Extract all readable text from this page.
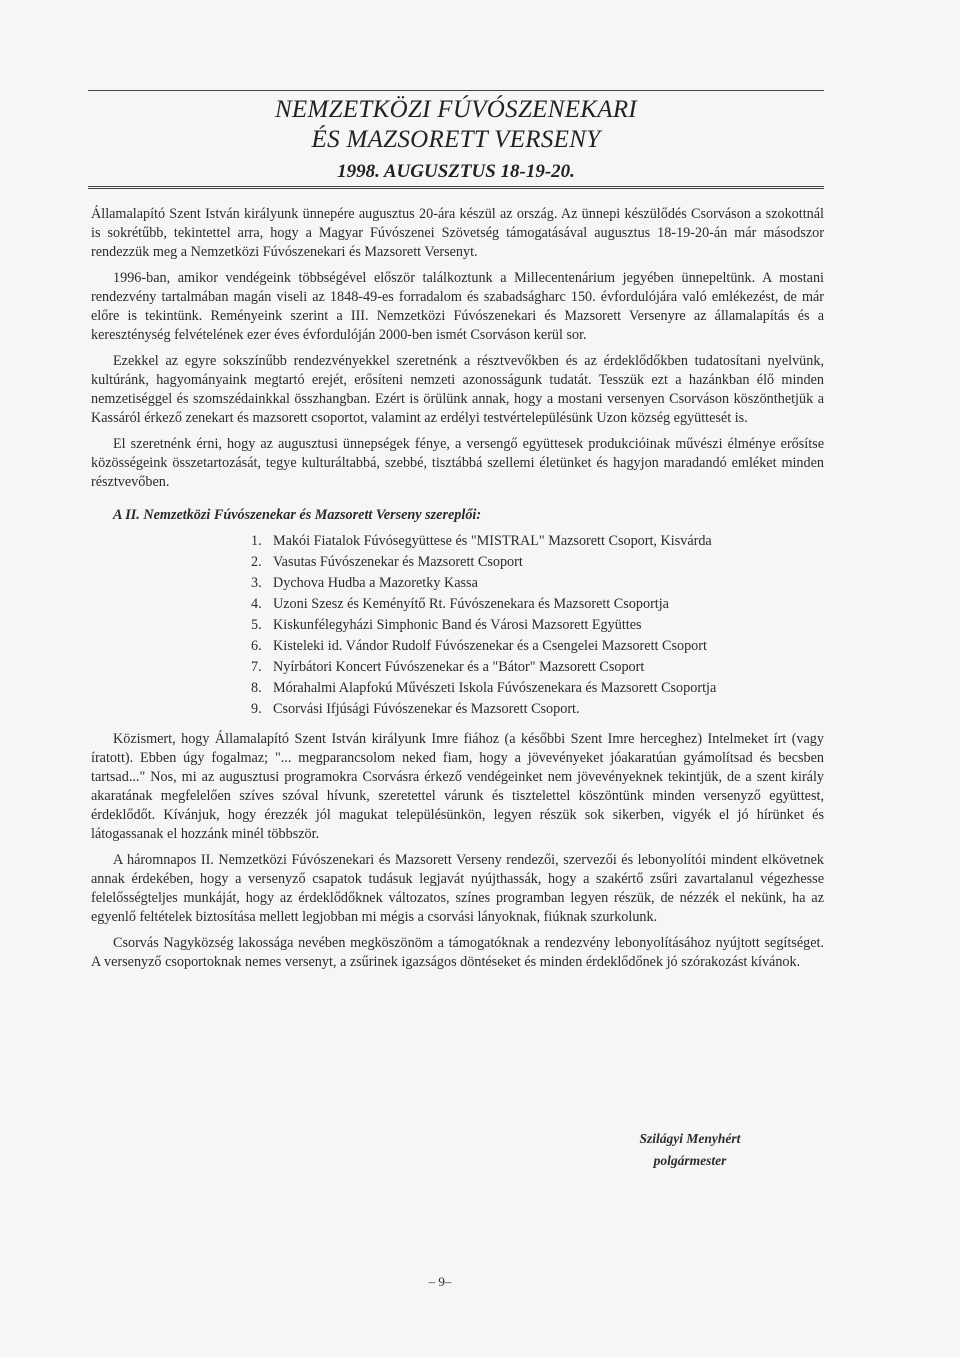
NEMZETKÖZI FÚVÓSZENEKARI
ÉS MAZSORETT VERSENY
1998. AUGUSZTUS 18-19-20.

Államalapító Szent István királyunk ünnepére augusztus 20-ára készül az ország. Az ünnepi készülődés Csorváson a szokottnál is sokrétűbb, tekintettel arra, hogy a Magyar Fúvószenei Szövetség támogatásával augusztus 18-19-20-án már másodszor rendezzük meg a Nemzetközi Fúvószenekari és Mazsorett Versenyt.

1996-ban, amikor vendégeink többségével először találkoztunk a Millecentenárium jegyében ünnepeltünk. A mostani rendezvény tartalmában magán viseli az 1848-49-es forradalom és szabadságharc 150. évfordulójára való emlékezést, de már előre is tekintünk. Reményeink szerint a III. Nemzetközi Fúvószenekari és Mazsorett Versenyre az államalapítás és a kereszténység felvételének ezer éves évfordulóján 2000-ben ismét Csorváson kerül sor.

Ezekkel az egyre sokszínűbb rendezvényekkel szeretnénk a résztvevőkben és az érdeklődőkben tudatosítani nyelvünk, kultúránk, hagyományaink megtartó erejét, erősíteni nemzeti azonosságunk tudatát. Tesszük ezt a hazánkban élő minden nemzetiséggel és szomszédainkkal összhangban. Ezért is örülünk annak, hogy a mostani versenyen Csorváson köszönthetjük a Kassáról érkező zenekart és mazsorett csoportot, valamint az erdélyi testvértelepülésünk Uzon község együttesét is.

El szeretnénk érni, hogy az augusztusi ünnepségek fénye, a versengő együttesek produkcióinak művészi élménye erősítse közösségeink összetartozását, tegye kulturáltabbá, szebbé, tisztábbá szellemi életünket és hagyjon maradandó emléket minden résztvevőben.

A II. Nemzetközi Fúvószenekar és Mazsorett Verseny szereplői:
1. Makói Fiatalok Fúvósegyüttese és "MISTRAL" Mazsorett Csoport, Kisvárda
2. Vasutas Fúvószenekar és Mazsorett Csoport
3. Dychova Hudba a Mazoretky Kassa
4. Uzoni Szesz és Keményítő Rt. Fúvószenekara és Mazsorett Csoportja
5. Kiskunfélegyházi Simphonic Band és Városi Mazsorett Együttes
6. Kisteleki id. Vándor Rudolf Fúvószenekar és a Csengelei Mazsorett Csoport
7. Nyírbátori Koncert Fúvószenekar és a "Bátor" Mazsorett Csoport
8. Mórahalmi Alapfokú Művészeti Iskola Fúvószenekara és Mazsorett Csoportja
9. Csorvási Ifjúsági Fúvószenekar és Mazsorett Csoport.

Közismert, hogy Államalapító Szent István királyunk Imre fiához (a későbbi Szent Imre herceghez) Intelmeket írt (vagy íratott). Ebben úgy fogalmaz; "... megparancsolom neked fiam, hogy a jövevényeket jóakaratúan gyámolítsad és becsben tartsad..." Nos, mi az augusztusi programokra Csorvásra érkező vendégeinket nem jövevényeknek tekintjük, de a szent király akaratának megfelelően szíves szóval hívunk, szeretettel várunk és tisztelettel köszöntünk minden versenyző együttest, érdeklődőt. Kívánjuk, hogy érezzék jól magukat településünkön, legyen részük sok sikerben, vigyék el jó hírünket és látogassanak el hozzánk minél többször.

A háromnapos II. Nemzetközi Fúvószenekari és Mazsorett Verseny rendezői, szervezői és lebonyolítói mindent elkövetnek annak érdekében, hogy a versenyző csapatok tudásuk legjavát nyújthassák, hogy a szakértő zsűri zavartalanul végezhesse felelősségteljes munkáját, hogy az érdeklődőknek változatos, színes programban legyen részük, de nézzék el nekünk, ha az egyenlő feltételek biztosítása mellett legjobban mi mégis a csorvási lányoknak, fiúknak szurkolunk.

Csorvás Nagyközség lakossága nevében megköszönöm a támogatóknak a rendezvény lebonyolításához nyújtott segítséget. A versenyző csoportoknak nemes versenyt, a zsűrinek igazságos döntéseket és minden érdeklődőnek jó szórakozást kívánok.

Szilágyi Menyhért
polgármester
– 9–
